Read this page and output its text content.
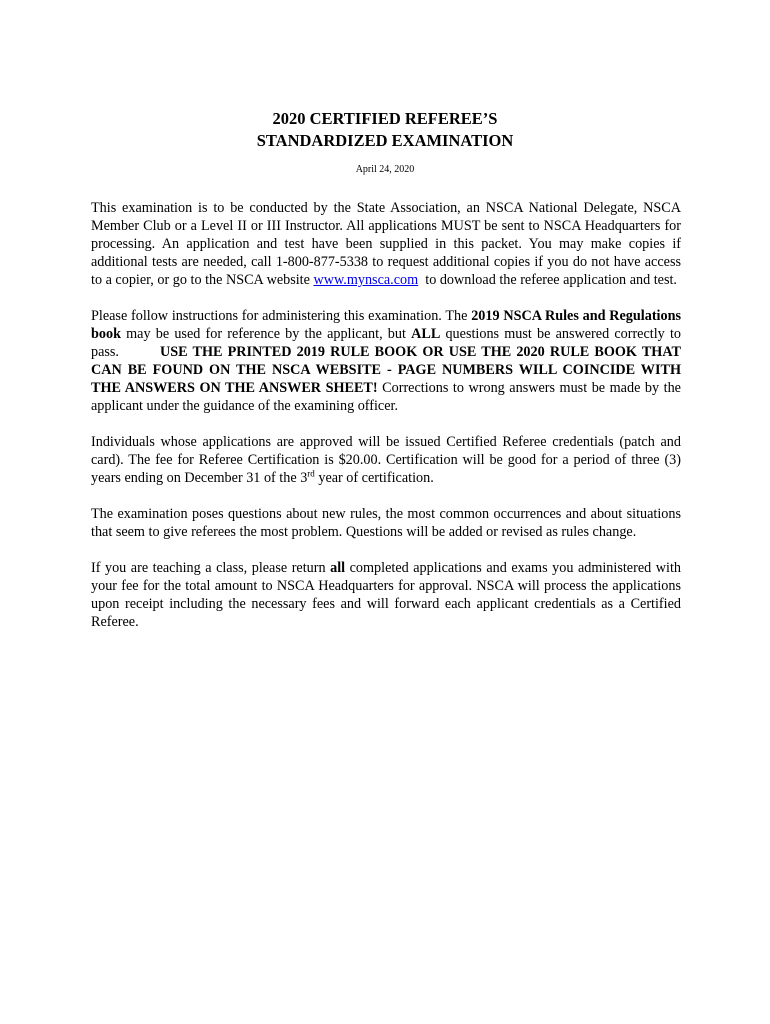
2020 CERTIFIED REFEREE’S
STANDARDIZED EXAMINATION
April 24, 2020

This examination is to be conducted by the State Association, an NSCA National Delegate, NSCA Member Club or a Level II or III Instructor. All applications MUST be sent to NSCA Headquarters for processing. An application and test have been supplied in this packet. You may make copies if additional tests are needed, call 1-800-877-5338 to request additional copies if you do not have access to a copier, or go to the NSCA website www.mynsca.com  to download the referee application and test.

Please follow instructions for administering this examination. The 2019 NSCA Rules and Regulations book may be used for reference by the applicant, but ALL questions must be answered correctly to pass.        USE THE PRINTED 2019 RULE BOOK OR USE THE 2020 RULE BOOK THAT CAN BE FOUND ON THE NSCA WEBSITE - PAGE NUMBERS WILL COINCIDE WITH THE ANSWERS ON THE ANSWER SHEET! Corrections to wrong answers must be made by the applicant under the guidance of the examining officer.

Individuals whose applications are approved will be issued Certified Referee credentials (patch and card). The fee for Referee Certification is $20.00. Certification will be good for a period of three (3) years ending on December 31 of the 3rd year of certification.

The examination poses questions about new rules, the most common occurrences and about situations that seem to give referees the most problem. Questions will be added or revised as rules change.

If you are teaching a class, please return all completed applications and exams you administered with your fee for the total amount to NSCA Headquarters for approval. NSCA will process the applications upon receipt including the necessary fees and will forward each applicant credentials as a Certified Referee.
